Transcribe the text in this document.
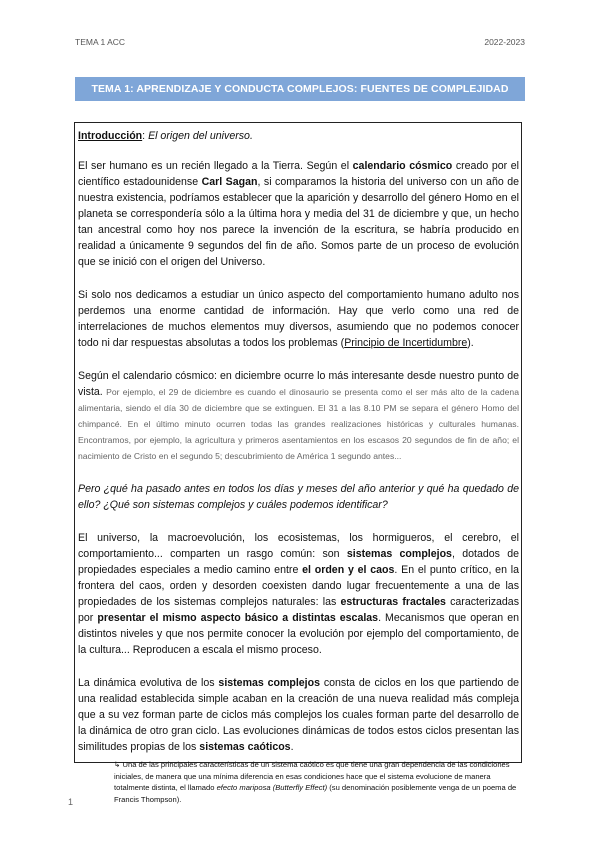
TEMA 1 ACC	2022-2023
TEMA 1: APRENDIZAJE Y CONDUCTA COMPLEJOS: FUENTES DE COMPLEJIDAD

Introducción: El origen del universo.

El ser humano es un recién llegado a la Tierra. Según el calendario cósmico creado por el científico estadounidense Carl Sagan, si comparamos la historia del universo con un año de nuestra existencia, podríamos establecer que la aparición y desarrollo del género Homo en el planeta se correspondería sólo a la última hora y media del 31 de diciembre y que, un hecho tan ancestral como hoy nos parece la invención de la escritura, se habría producido en realidad a únicamente 9 segundos del fin de año. Somos parte de un proceso de evolución que se inició con el origen del Universo.

Si solo nos dedicamos a estudiar un único aspecto del comportamiento humano adulto nos perdemos una enorme cantidad de información. Hay que verlo como una red de interrelaciones de muchos elementos muy diversos, asumiendo que no podemos conocer todo ni dar respuestas absolutas a todos los problemas (Principio de Incertidumbre).

Según el calendario cósmico: en diciembre ocurre lo más interesante desde nuestro punto de vista. Por ejemplo, el 29 de diciembre es cuando el dinosaurio se presenta como el ser más alto de la cadena alimentaria, siendo el día 30 de diciembre que se extinguen. El 31 a las 8.10 PM se separa el género Homo del chimpancé. En el último minuto ocurren todas las grandes realizaciones históricas y culturales humanas. Encontramos, por ejemplo, la agricultura y primeros asentamientos en los escasos 20 segundos de fin de año; el nacimiento de Cristo en el segundo 5; descubrimiento de América 1 segundo antes...

Pero ¿qué ha pasado antes en todos los días y meses del año anterior y qué ha quedado de ello? ¿Qué son sistemas complejos y cuáles podemos identificar?

El universo, la macroevolución, los ecosistemas, los hormigueros, el cerebro, el comportamiento... comparten un rasgo común: son sistemas complejos, dotados de propiedades especiales a medio camino entre el orden y el caos. En el punto crítico, en la frontera del caos, orden y desorden coexisten dando lugar frecuentemente a una de las propiedades de los sistemas complejos naturales: las estructuras fractales caracterizadas por presentar el mismo aspecto básico a distintas escalas. Mecanismos que operan en distintos niveles y que nos permite conocer la evolución por ejemplo del comportamiento, de la cultura... Reproducen a escala el mismo proceso.

La dinámica evolutiva de los sistemas complejos consta de ciclos en los que partiendo de una realidad establecida simple acaban en la creación de una nueva realidad más compleja que a su vez forman parte de ciclos más complejos los cuales forman parte del desarrollo de la dinámica de otro gran ciclo. Las evoluciones dinámicas de todos estos ciclos presentan las similitudes propias de los sistemas caóticos.

↳ Una de las principales características de un sistema caótico es que tiene una gran dependencia de las condiciones iniciales, de manera que una mínima diferencia en esas condiciones hace que el sistema evolucione de manera totalmente distinta, el llamado efecto mariposa (Butterfly Effect) (su denominación posiblemente venga de un poema de Francis Thompson).

1
